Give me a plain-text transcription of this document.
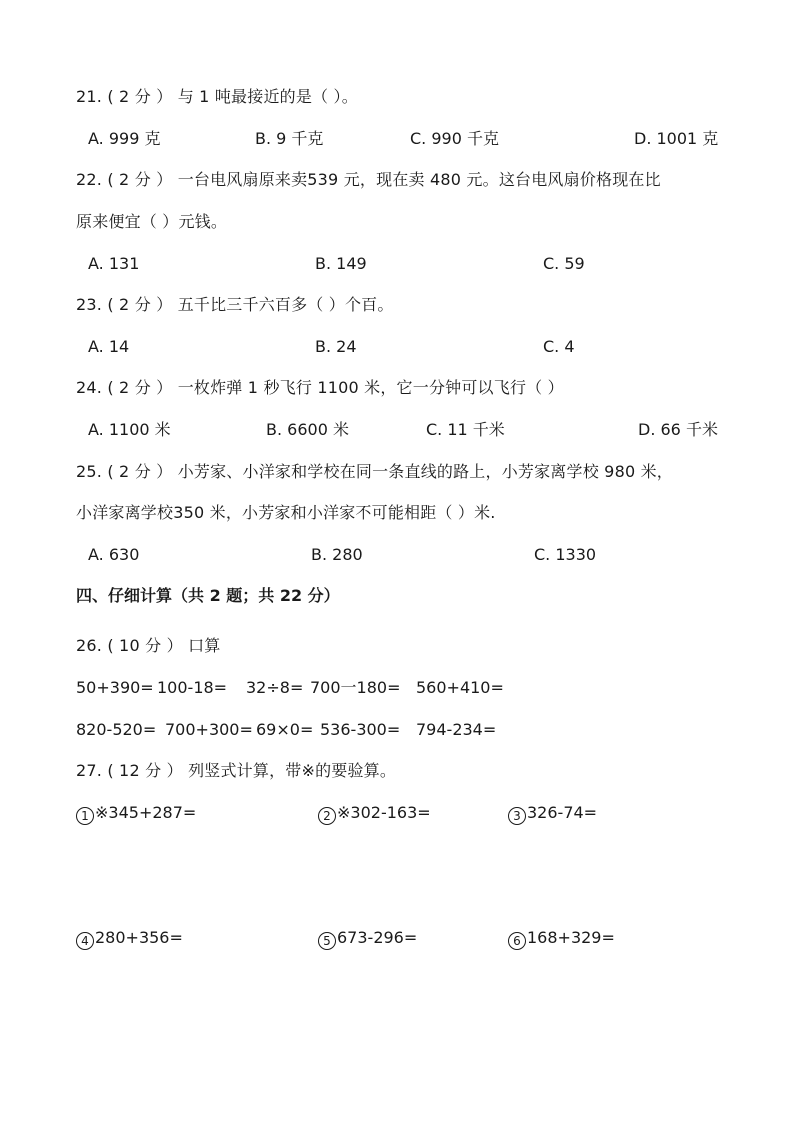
21. ( 2 分 ） 与 1 吨最接近的是（ ）。
A. 999 克	B. 9 千克	C. 990 千克	D. 1001 克
22. ( 2 分 ） 一台电风扇原来卖539 元，现在卖 480 元。这台电风扇价格现在比
原来便宜（ ）元钱。
A. 131	B. 149	C. 59
23. ( 2 分 ） 五千比三千六百多（ ）个百。
A. 14	B. 24	C. 4
24. ( 2 分 ） 一枚炸弹 1 秒飞行 1100 米，它一分钟可以飞行（ ）
A. 1100 米	B. 6600 米	C. 11 千米	D. 66 千米
25. ( 2 分 ） 小芳家、小洋家和学校在同一条直线的路上，小芳家离学校 980 米，
小洋家离学校350 米，小芳家和小洋家不可能相距（ ）米.
A. 630	B. 280	C. 1330
四、仔细计算（共 2 题；共 22 分）
26. ( 10 分 ） 口算
50+390= 100-18= 32÷8= 700一180= 560+410=
820-520= 700+300= 69×0= 536-300= 794-234=
27. ( 12 分 ） 列竖式计算，带※的要验算。
1 ※345+287=	2 ※302-163=	3 326-74=
4 280+356=	5 673-296=	6 168+329=
